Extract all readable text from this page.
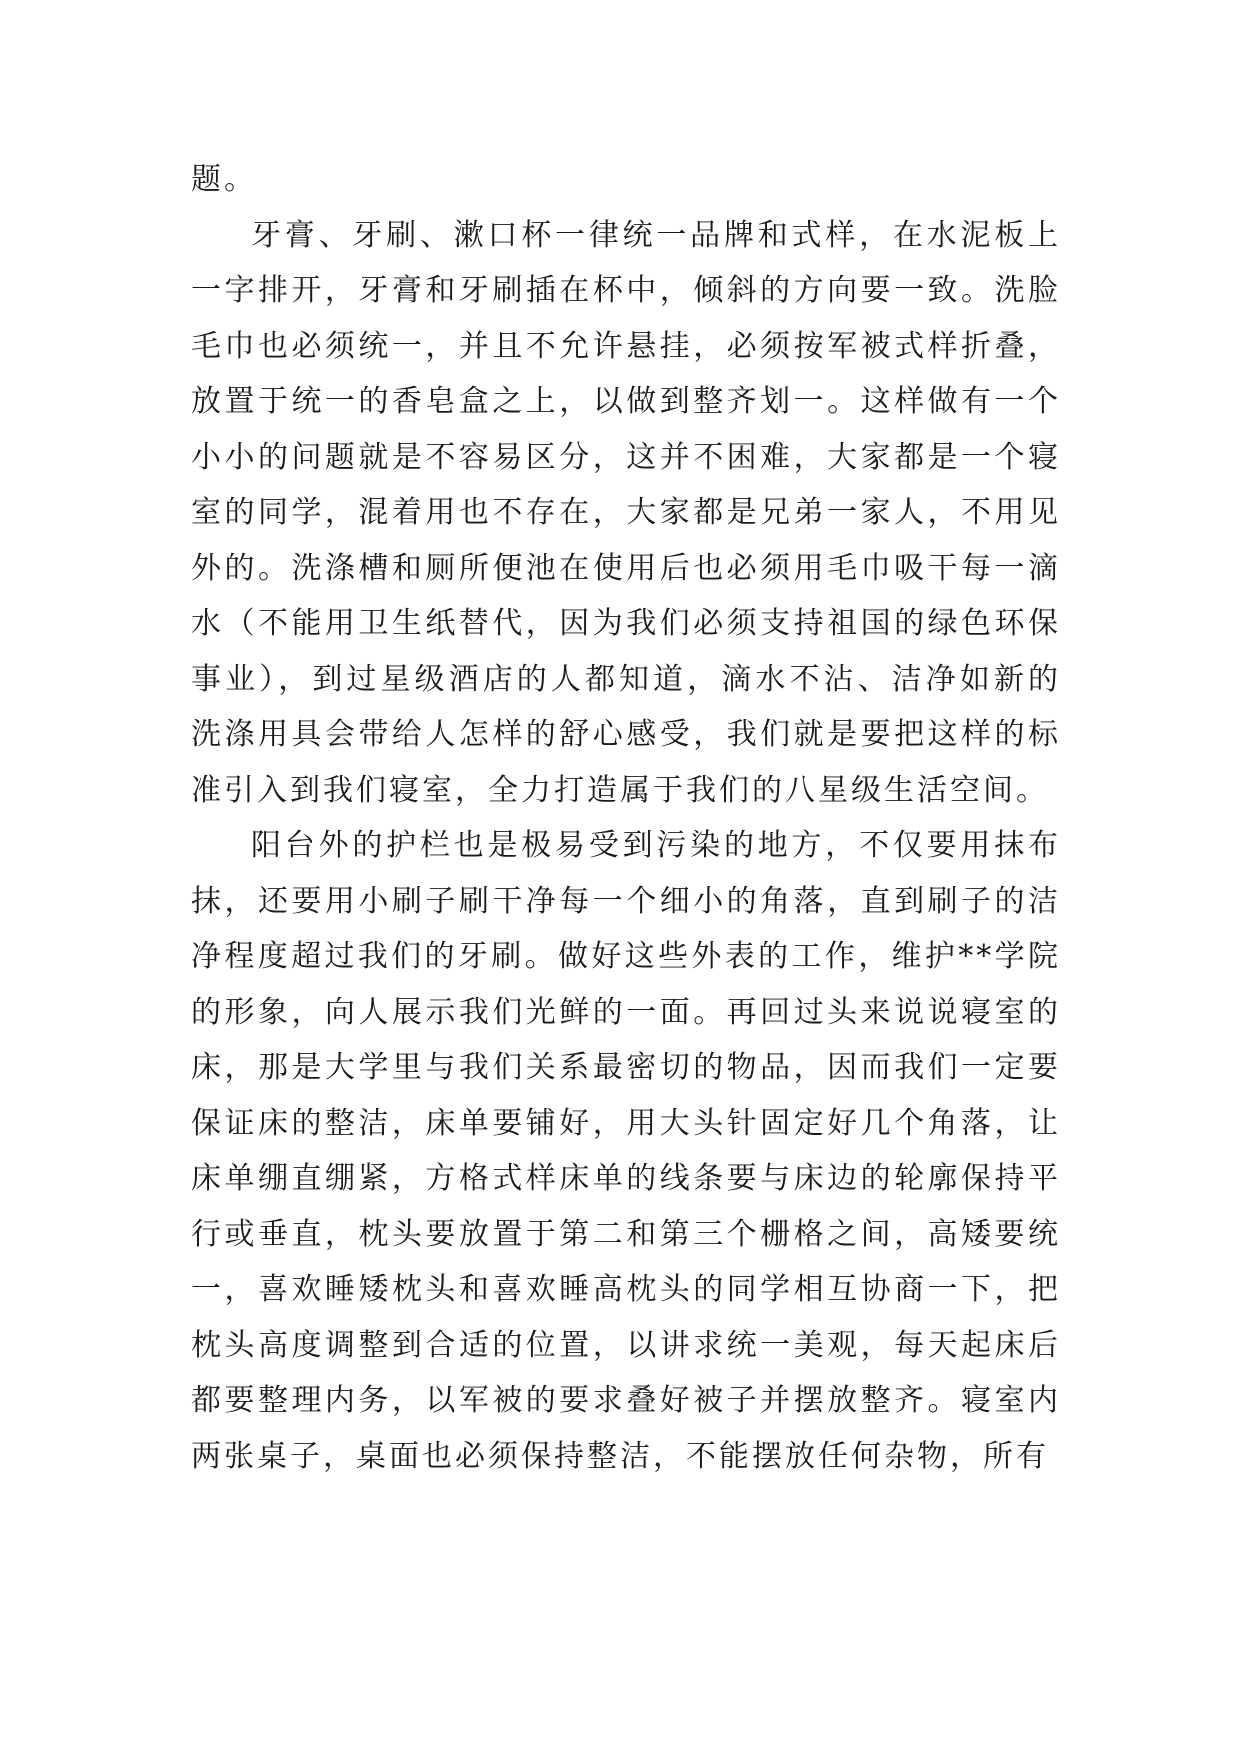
题。

牙膏、牙刷、漱口杯一律统一品牌和式样，在水泥板上一字排开，牙膏和牙刷插在杯中，倾斜的方向要一致。洗脸毛巾也必须统一，并且不允许悬挂，必须按军被式样折叠，放置于统一的香皂盒之上，以做到整齐划一。这样做有一个小小的问题就是不容易区分，这并不困难，大家都是一个寝室的同学，混着用也不存在，大家都是兄弟一家人，不用见外的。洗涤槽和厕所便池在使用后也必须用毛巾吸干每一滴水（不能用卫生纸替代，因为我们必须支持祖国的绿色环保事业），到过星级酒店的人都知道，滴水不沾、洁净如新的洗涤用具会带给人怎样的舒心感受，我们就是要把这样的标准引入到我们寝室，全力打造属于我们的八星级生活空间。

阳台外的护栏也是极易受到污染的地方，不仅要用抹布抹，还要用小刷子刷干净每一个细小的角落，直到刷子的洁净程度超过我们的牙刷。做好这些外表的工作，维护**学院的形象，向人展示我们光鲜的一面。再回过头来说说寝室的床，那是大学里与我们关系最密切的物品，因而我们一定要保证床的整洁，床单要铺好，用大头针固定好几个角落，让床单绷直绷紧，方格式样床单的线条要与床边的轮廓保持平行或垂直，枕头要放置于第二和第三个栅格之间，高矮要统一，喜欢睡矮枕头和喜欢睡高枕头的同学相互协商一下，把枕头高度调整到合适的位置，以讲求统一美观，每天起床后都要整理内务，以军被的要求叠好被子并摆放整齐。寝室内两张桌子，桌面也必须保持整洁，不能摆放任何杂物，所有
